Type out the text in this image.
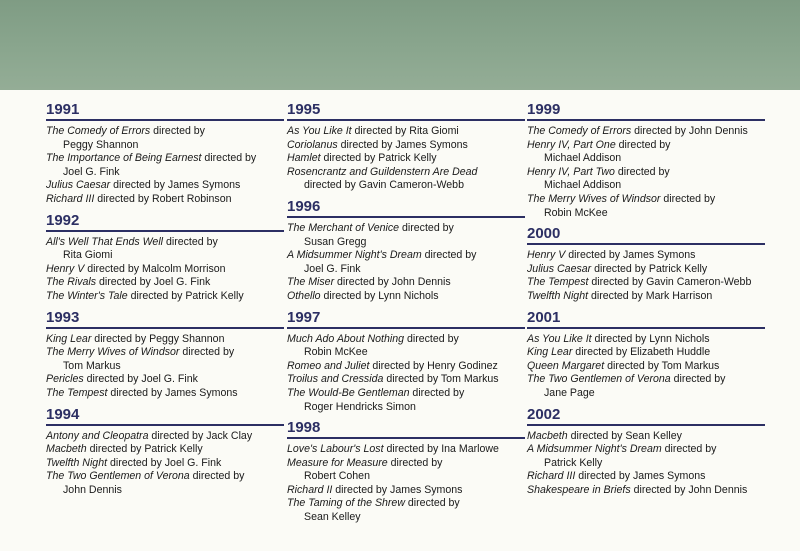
1991
The Comedy of Errors directed by
Peggy Shannon
The Importance of Being Earnest directed by
Joel G. Fink
Julius Caesar directed by James Symons
Richard III directed by Robert Robinson
1992
All's Well That Ends Well directed by
Rita Giomi
Henry V directed by Malcolm Morrison
The Rivals directed by Joel G. Fink
The Winter's Tale directed by Patrick Kelly
1993
King Lear directed by Peggy Shannon
The Merry Wives of Windsor directed by
Tom Markus
Pericles directed by Joel G. Fink
The Tempest directed by James Symons
1994
Antony and Cleopatra directed by Jack Clay
Macbeth directed by Patrick Kelly
Twelfth Night directed by Joel G. Fink
The Two Gentlemen of Verona directed by
John Dennis
1995
As You Like It directed by Rita Giomi
Coriolanus directed by James Symons
Hamlet directed by Patrick Kelly
Rosencrantz and Guildenstern Are Dead
directed by Gavin Cameron-Webb
1996
The Merchant of Venice directed by
Susan Gregg
A Midsummer Night's Dream directed by
Joel G. Fink
The Miser directed by John Dennis
Othello directed by Lynn Nichols
1997
Much Ado About Nothing directed by
Robin McKee
Romeo and Juliet directed by Henry Godinez
Troilus and Cressida directed by Tom Markus
The Would-Be Gentleman directed by
Roger Hendricks Simon
1998
Love's Labour's Lost directed by Ina Marlowe
Measure for Measure directed by
Robert Cohen
Richard II directed by James Symons
The Taming of the Shrew directed by
Sean Kelley
1999
The Comedy of Errors directed by John Dennis
Henry IV, Part One directed by
Michael Addison
Henry IV, Part Two directed by
Michael Addison
The Merry Wives of Windsor directed by
Robin McKee
2000
Henry V directed by James Symons
Julius Caesar directed by Patrick Kelly
The Tempest directed by Gavin Cameron-Webb
Twelfth Night directed by Mark Harrison
2001
As You Like It directed by Lynn Nichols
King Lear directed by Elizabeth Huddle
Queen Margaret directed by Tom Markus
The Two Gentlemen of Verona directed by
Jane Page
2002
Macbeth directed by Sean Kelley
A Midsummer Night's Dream directed by
Patrick Kelly
Richard III directed by James Symons
Shakespeare in Briefs directed by John Dennis
